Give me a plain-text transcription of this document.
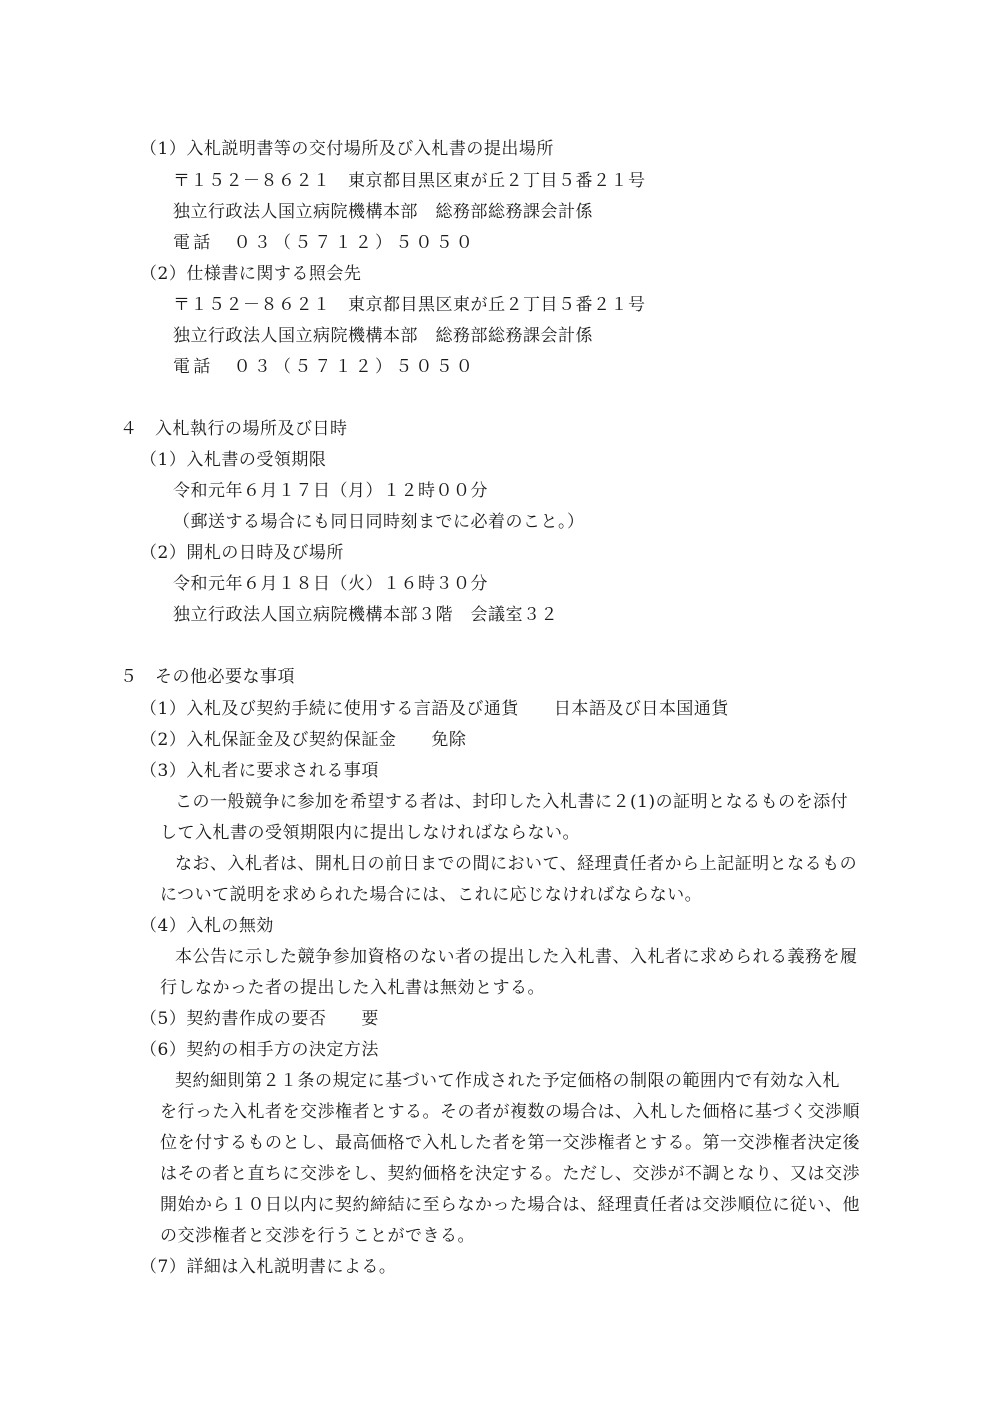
（1）入札説明書等の交付場所及び入札書の提出場所

〒１５２－８６２１　東京都目黒区東が丘２丁目５番２１号

独立行政法人国立病院機構本部　総務部総務課会計係

電話　０３（５７１２）５０５０

（2）仕様書に関する照会先

〒１５２－８６２１　東京都目黒区東が丘２丁目５番２１号

独立行政法人国立病院機構本部　総務部総務課会計係

電話　０３（５７１２）５０５０

４　入札執行の場所及び日時

（1）入札書の受領期限

令和元年６月１７日（月）１２時００分

（郵送する場合にも同日同時刻までに必着のこと。）

（2）開札の日時及び場所

令和元年６月１８日（火）１６時３０分

独立行政法人国立病院機構本部３階　会議室３２

５　その他必要な事項

（1）入札及び契約手続に使用する言語及び通貨　　日本語及び日本国通貨

（2）入札保証金及び契約保証金　　免除

（3）入札者に要求される事項

この一般競争に参加を希望する者は、封印した入札書に２(1)の証明となるものを添付

して入札書の受領期限内に提出しなければならない。

なお、入札者は、開札日の前日までの間において、経理責任者から上記証明となるもの

について説明を求められた場合には、これに応じなければならない。

（4）入札の無効

本公告に示した競争参加資格のない者の提出した入札書、入札者に求められる義務を履

行しなかった者の提出した入札書は無効とする。

（5）契約書作成の要否　　要

（6）契約の相手方の決定方法

契約細則第２１条の規定に基づいて作成された予定価格の制限の範囲内で有効な入札

を行った入札者を交渉権者とする。その者が複数の場合は、入札した価格に基づく交渉順

位を付するものとし、最高価格で入札した者を第一交渉権者とする。第一交渉権者決定後

はその者と直ちに交渉をし、契約価格を決定する。ただし、交渉が不調となり、又は交渉

開始から１０日以内に契約締結に至らなかった場合は、経理責任者は交渉順位に従い、他

の交渉権者と交渉を行うことができる。

（7）詳細は入札説明書による。
